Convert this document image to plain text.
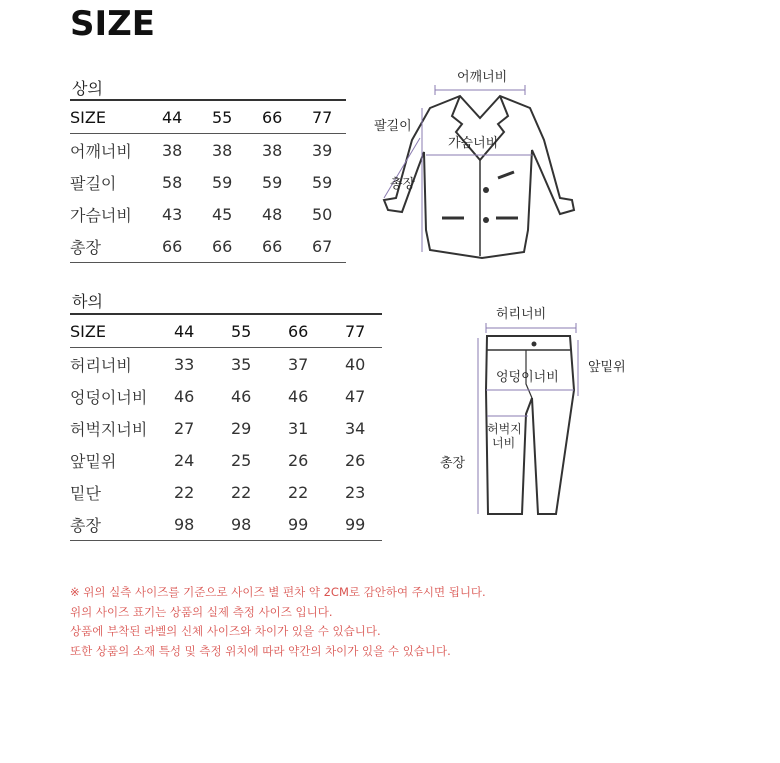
SIZE
상의
SIZE	44	55	66	77
어깨너비	38	38	38	39
팔길이	58	59	59	59
가슴너비	43	45	48	50
총장	66	66	66	67
어깨너비
가슴너비
팔길이
총장
하의
SIZE	44	55	66	77
허리너비	33	35	37	40
엉덩이너비	46	46	46	47
허벅지너비	27	29	31	34
앞밑위	24	25	26	26
밑단	22	22	22	23
총장	98	98	99	99
허리너비
엉덩이너비
앞밑위
허벅지
너비
총장
※ 위의 실측 사이즈를 기준으로 사이즈 별 편차 약 2CM로 감안하여 주시면 됩니다.
위의 사이즈 표기는 상품의 실제 측정 사이즈 입니다.
상품에 부착된 라벨의 신체 사이즈와 차이가 있을 수 있습니다.
또한 상품의 소재 특성 및 측정 위치에 따라 약간의 차이가 있을 수 있습니다.
